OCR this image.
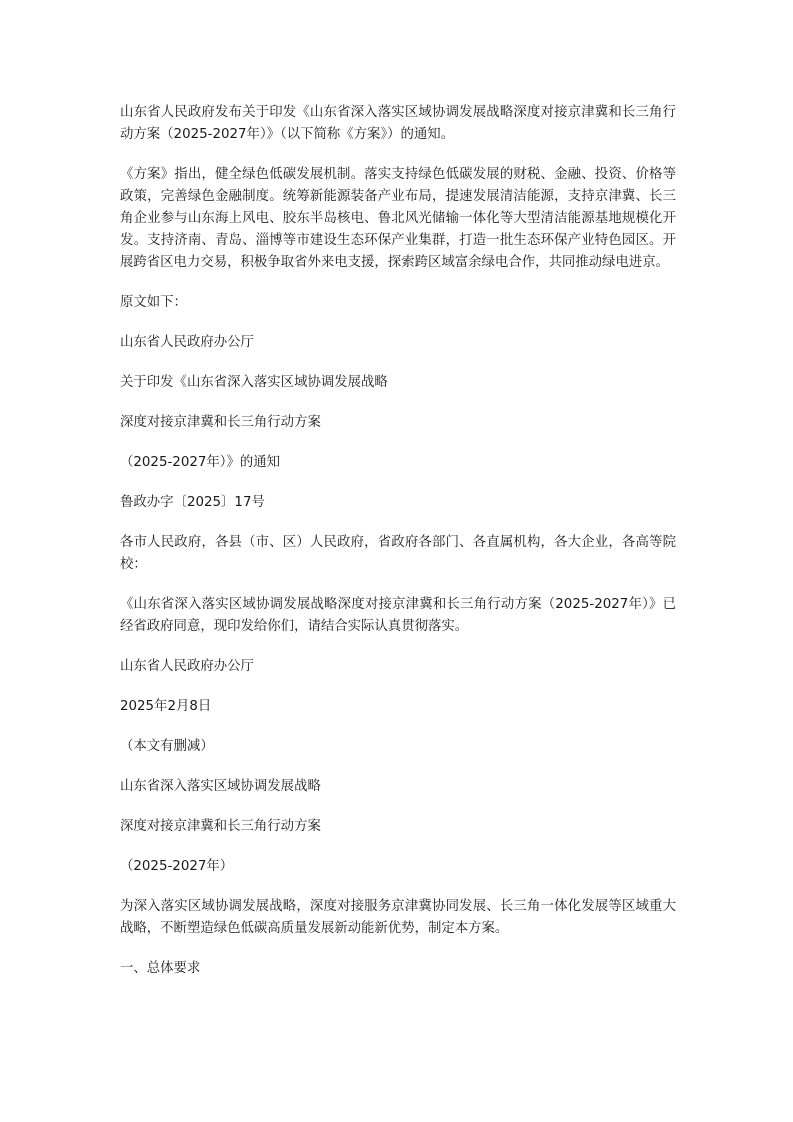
山东省人民政府发布关于印发《山东省深入落实区域协调发展战略深度对接京津冀和长三角行动方案（2025-2027年）》（以下简称《方案》）的通知。

《方案》指出，健全绿色低碳发展机制。落实支持绿色低碳发展的财税、金融、投资、价格等政策，完善绿色金融制度。统筹新能源装备产业布局，提速发展清洁能源，支持京津冀、长三角企业参与山东海上风电、胶东半岛核电、鲁北风光储输一体化等大型清洁能源基地规模化开发。支持济南、青岛、淄博等市建设生态环保产业集群，打造一批生态环保产业特色园区。开展跨省区电力交易，积极争取省外来电支援，探索跨区域富余绿电合作，共同推动绿电进京。

原文如下：

山东省人民政府办公厅

关于印发《山东省深入落实区域协调发展战略

深度对接京津冀和长三角行动方案

（2025-2027年）》的通知

鲁政办字〔2025〕17号

各市人民政府，各县（市、区）人民政府，省政府各部门、各直属机构，各大企业，各高等院校：

《山东省深入落实区域协调发展战略深度对接京津冀和长三角行动方案（2025-2027年）》已经省政府同意，现印发给你们，请结合实际认真贯彻落实。

山东省人民政府办公厅

2025年2月8日

（本文有删减）

山东省深入落实区域协调发展战略

深度对接京津冀和长三角行动方案

（2025-2027年）

为深入落实区域协调发展战略，深度对接服务京津冀协同发展、长三角一体化发展等区域重大战略，不断塑造绿色低碳高质量发展新动能新优势，制定本方案。

一、总体要求
